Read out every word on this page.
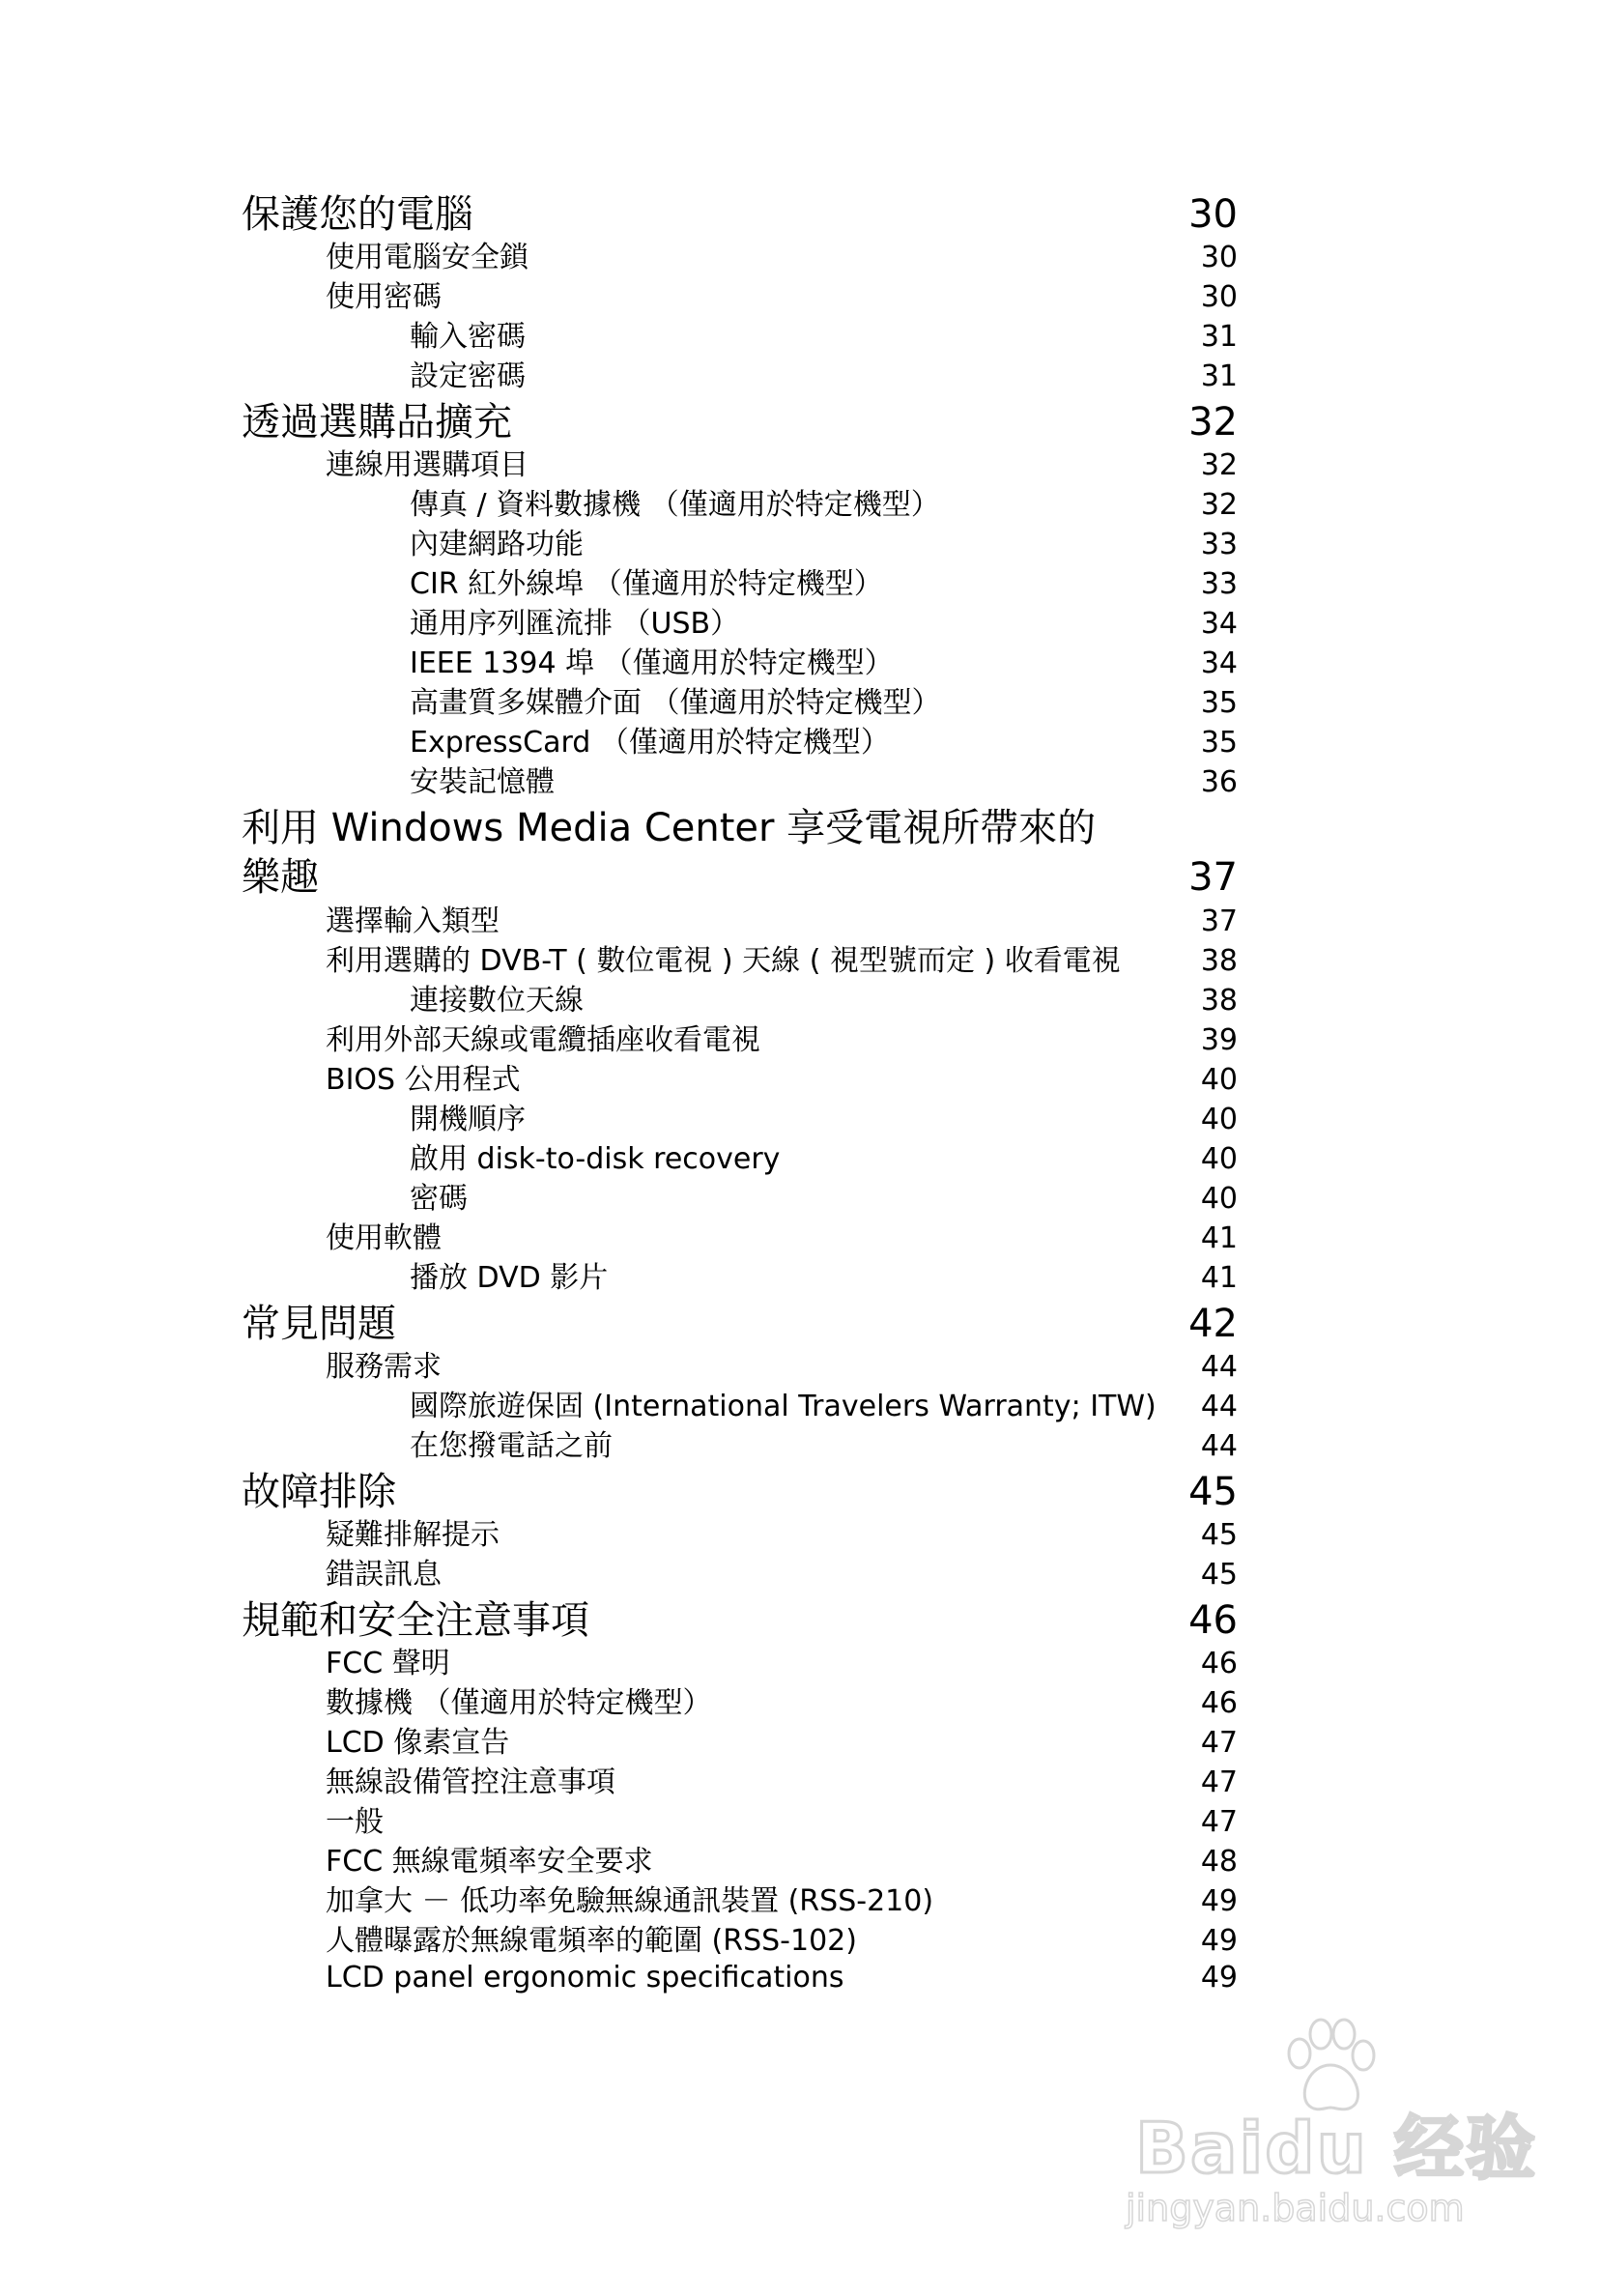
保護您的電腦	30
使用電腦安全鎖	30
使用密碼	30
輸入密碼	31
設定密碼	31
透過選購品擴充	32
連線用選購項目	32
傳真 / 資料數據機 （僅適用於特定機型）	32
內建網路功能	33
CIR 紅外線埠 （僅適用於特定機型）	33
通用序列匯流排 （USB）	34
IEEE 1394 埠 （僅適用於特定機型）	34
高畫質多媒體介面 （僅適用於特定機型）	35
ExpressCard （僅適用於特定機型）	35
安裝記憶體	36
利用 Windows Media Center 享受電視所帶來的
樂趣	37
選擇輸入類型	37
利用選購的 DVB-T ( 數位電視 ) 天線 ( 視型號而定 ) 收看電視	38
連接數位天線	38
利用外部天線或電纜插座收看電視	39
BIOS 公用程式	40
開機順序	40
啟用 disk-to-disk recovery	40
密碼	40
使用軟體	41
播放 DVD 影片	41
常見問題	42
服務需求	44
國際旅遊保固 (International Travelers Warranty; ITW) 44
在您撥電話之前	44
故障排除	45
疑難排解提示	45
錯誤訊息	45
規範和安全注意事項	46
FCC 聲明	46
數據機 （僅適用於特定機型）	46
LCD 像素宣告	47
無線設備管控注意事項	47
一般	47
FCC 無線電頻率安全要求	48
加拿大 － 低功率免驗無線通訊裝置 (RSS-210)	49
人體曝露於無線電頻率的範圍 (RSS-102)	49
LCD panel ergonomic specifications	49
Baidu 经验
jingyan.baidu.com
